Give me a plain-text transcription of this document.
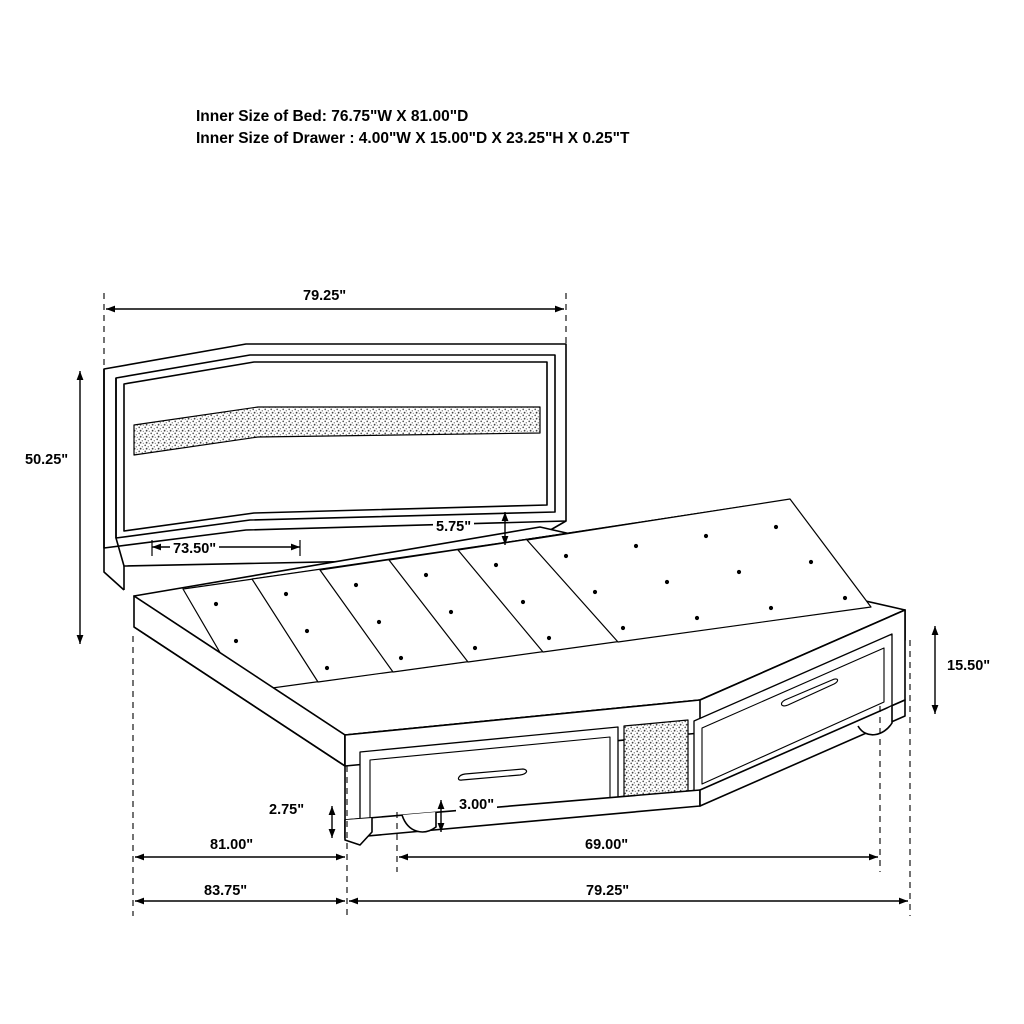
Inner Size of Bed: 76.75"W X 81.00"D
Inner Size of Drawer : 4.00"W X 15.00"D X 23.25"H X 0.25"T
79.25"
50.25"
73.50"
5.75"
15.50"
2.75"	3.00"
81.00"	69.00"
83.75"	79.25"
